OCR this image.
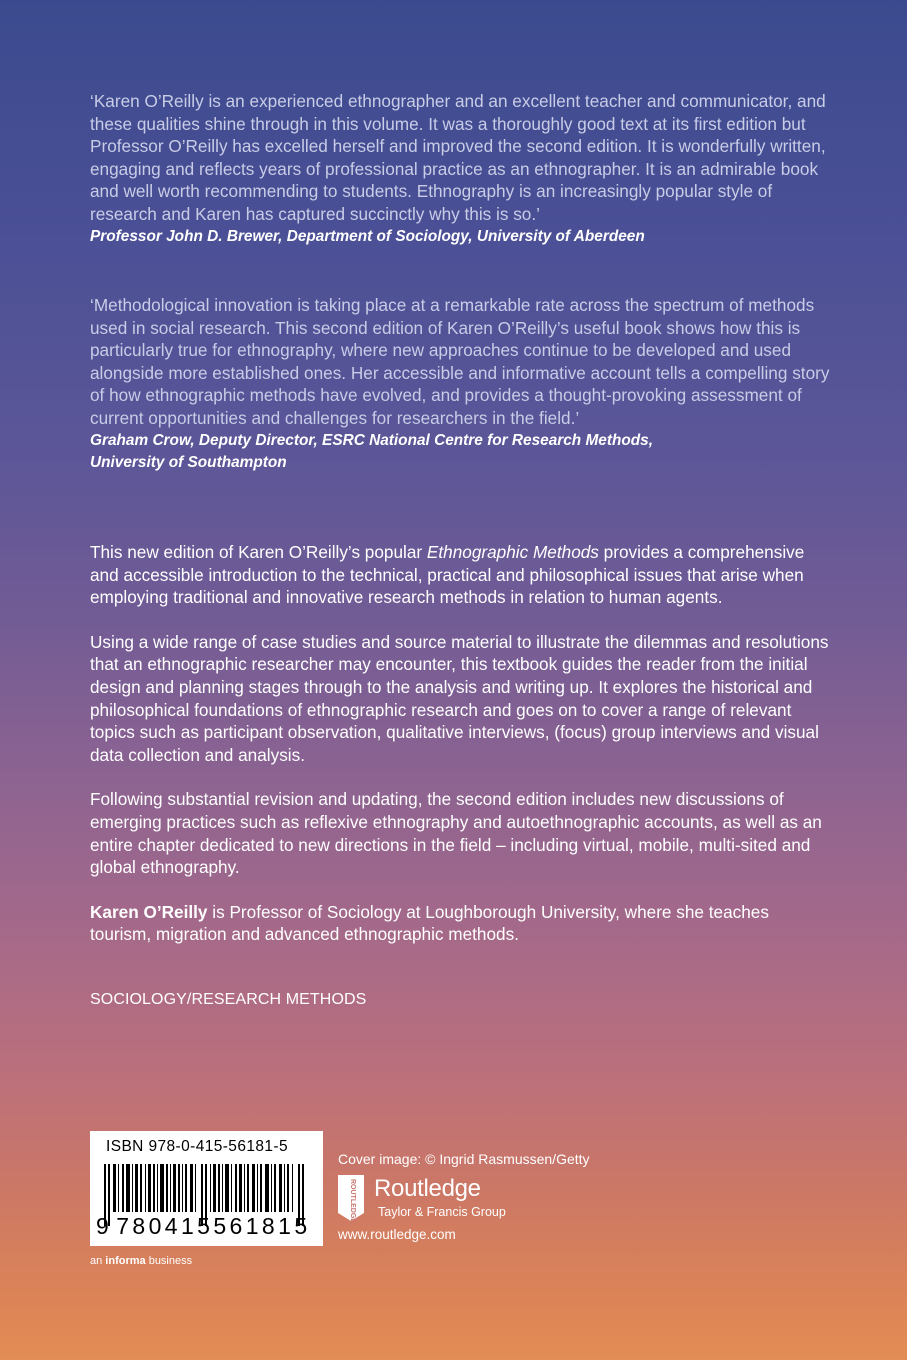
‘Karen O’Reilly is an experienced ethnographer and an excellent teacher and communicator, and these qualities shine through in this volume. It was a thoroughly good text at its first edition but Professor O’Reilly has excelled herself and improved the second edition. It is wonderfully written, engaging and reflects years of professional practice as an ethnographer. It is an admirable book and well worth recommending to students. Ethnography is an increasingly popular style of research and Karen has captured succinctly why this is so.’

Professor John D. Brewer, Department of Sociology, University of Aberdeen

‘Methodological innovation is taking place at a remarkable rate across the spectrum of methods used in social research. This second edition of Karen O’Reilly’s useful book shows how this is particularly true for ethnography, where new approaches continue to be developed and used alongside more established ones. Her accessible and informative account tells a compelling story of how ethnographic methods have evolved, and provides a thought-provoking assessment of current opportunities and challenges for researchers in the field.’

Graham Crow, Deputy Director, ESRC National Centre for Research Methods,

University of Southampton

This new edition of Karen O’Reilly’s popular Ethnographic Methods provides a comprehensive and accessible introduction to the technical, practical and philosophical issues that arise when employing traditional and innovative research methods in relation to human agents.

Using a wide range of case studies and source material to illustrate the dilemmas and resolutions that an ethnographic researcher may encounter, this textbook guides the reader from the initial design and planning stages through to the analysis and writing up. It explores the historical and philosophical foundations of ethnographic research and goes on to cover a range of relevant topics such as participant observation, qualitative interviews, (focus) group interviews and visual data collection and analysis.

Following substantial revision and updating, the second edition includes new discussions of emerging practices such as reflexive ethnography and autoethnographic accounts, as well as an entire chapter dedicated to new directions in the field – including virtual, mobile, multi-sited and global ethnography.

Karen O’Reilly is Professor of Sociology at Loughborough University, where she teaches tourism, migration and advanced ethnographic methods.

SOCIOLOGY/RESEARCH METHODS
ISBN 978-0-415-56181-5
9 780415561815
an informa business
Cover image: © Ingrid Rasmussen/Getty
ROUTLEDGE Routledge
Taylor & Francis Group
www.routledge.com
